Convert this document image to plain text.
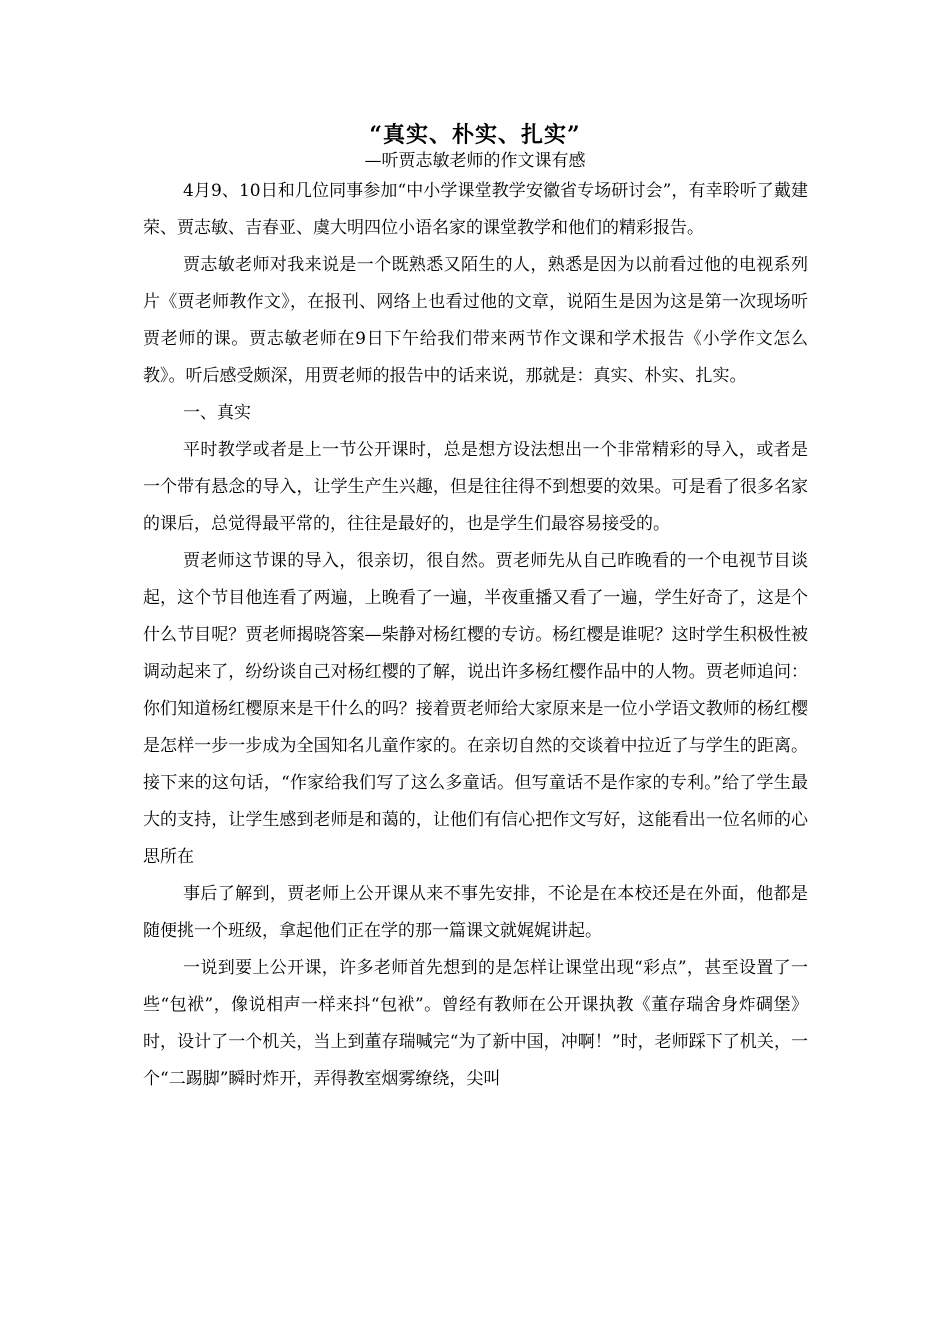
“真实、朴实、扎实”
—听贾志敏老师的作文课有感

4月9、10日和几位同事参加“中小学课堂教学安徽省专场研讨会”，有幸聆听了戴建荣、贾志敏、吉春亚、虞大明四位小语名家的课堂教学和他们的精彩报告。

贾志敏老师对我来说是一个既熟悉又陌生的人，熟悉是因为以前看过他的电视系列片《贾老师教作文》，在报刊、网络上也看过他的文章，说陌生是因为这是第一次现场听贾老师的课。贾志敏老师在9日下午给我们带来两节作文课和学术报告《小学作文怎么教》。听后感受颇深，用贾老师的报告中的话来说，那就是：真实、朴实、扎实。

一、真实

平时教学或者是上一节公开课时，总是想方设法想出一个非常精彩的导入，或者是一个带有悬念的导入，让学生产生兴趣，但是往往得不到想要的效果。可是看了很多名家的课后，总觉得最平常的，往往是最好的，也是学生们最容易接受的。

贾老师这节课的导入，很亲切，很自然。贾老师先从自己昨晚看的一个电视节目谈起，这个节目他连看了两遍，上晚看了一遍，半夜重播又看了一遍，学生好奇了，这是个什么节目呢？贾老师揭晓答案—柴静对杨红樱的专访。杨红樱是谁呢？这时学生积极性被调动起来了，纷纷谈自己对杨红樱的了解，说出许多杨红樱作品中的人物。贾老师追问：你们知道杨红樱原来是干什么的吗？接着贾老师给大家原来是一位小学语文教师的杨红樱是怎样一步一步成为全国知名儿童作家的。在亲切自然的交谈着中拉近了与学生的距离。接下来的这句话，“作家给我们写了这么多童话。但写童话不是作家的专利。”给了学生最大的支持，让学生感到老师是和蔼的，让他们有信心把作文写好，这能看出一位名师的心思所在

事后了解到，贾老师上公开课从来不事先安排，不论是在本校还是在外面，他都是随便挑一个班级，拿起他们正在学的那一篇课文就娓娓讲起。

一说到要上公开课，许多老师首先想到的是怎样让课堂出现“彩点”，甚至设置了一些“包袱”，像说相声一样来抖“包袱”。曾经有教师在公开课执教《董存瑞舍身炸碉堡》时，设计了一个机关，当上到董存瑞喊完“为了新中国，冲啊！”时，老师踩下了机关，一个“二踢脚”瞬时炸开，弄得教室烟雾缭绕，尖叫
